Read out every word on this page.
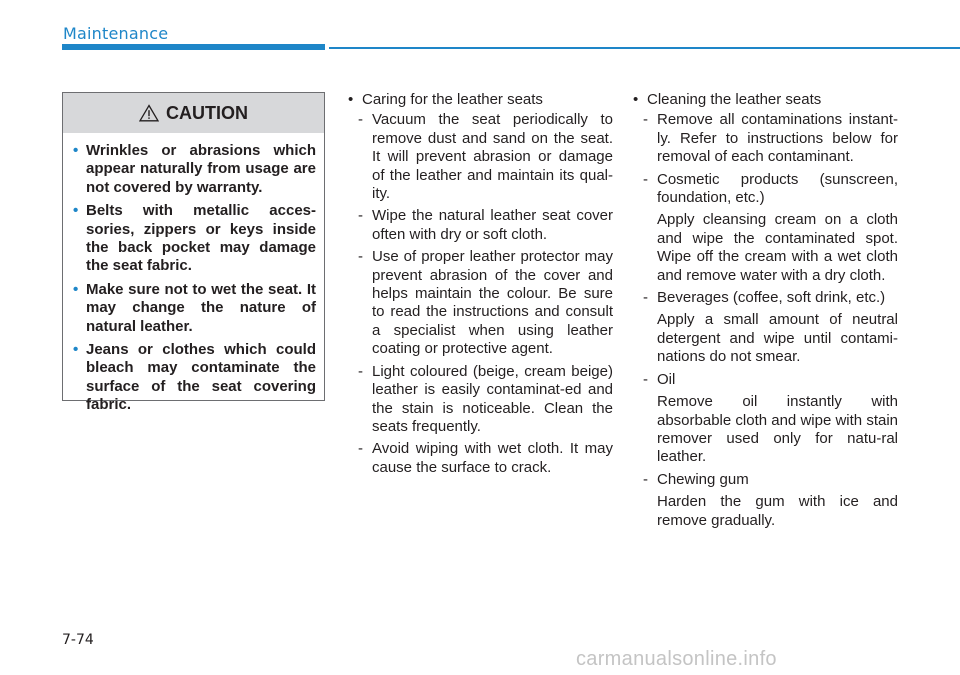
Maintenance
CAUTION
• Wrinkles or abrasions which appear naturally from usage are not covered by warranty.
• Belts with metallic acces-sories, zippers or keys inside the back pocket may damage the seat fabric.
• Make sure not to wet the seat. It may change the nature of natural leather.
• Jeans or clothes which could bleach may contaminate the surface of the seat covering fabric.
• Caring for the leather seats
- Vacuum the seat periodically to remove dust and sand on the seat. It will prevent abrasion or damage of the leather and maintain its qual-ity.
- Wipe the natural leather seat cover often with dry or soft cloth.
- Use of proper leather protector may prevent abrasion of the cover and helps maintain the colour. Be sure to read the instructions and consult a specialist when using leather coating or protective agent.
- Light coloured (beige, cream beige) leather is easily contaminat-ed and the stain is noticeable. Clean the seats frequently.
- Avoid wiping with wet cloth. It may cause the surface to crack.
• Cleaning the leather seats
- Remove all contaminations instant-ly. Refer to instructions below for removal of each contaminant.
- Cosmetic products (sunscreen, foundation, etc.)
Apply cleansing cream on a cloth and wipe the contaminated spot. Wipe off the cream with a wet cloth and remove water with a dry cloth.
- Beverages (coffee, soft drink, etc.)
Apply a small amount of neutral detergent and wipe until contami-nations do not smear.
- Oil
Remove oil instantly with absorbable cloth and wipe with stain remover used only for natu-ral leather.
- Chewing gum
Harden the gum with ice and remove gradually.
7-74
carmanualsonline.info
